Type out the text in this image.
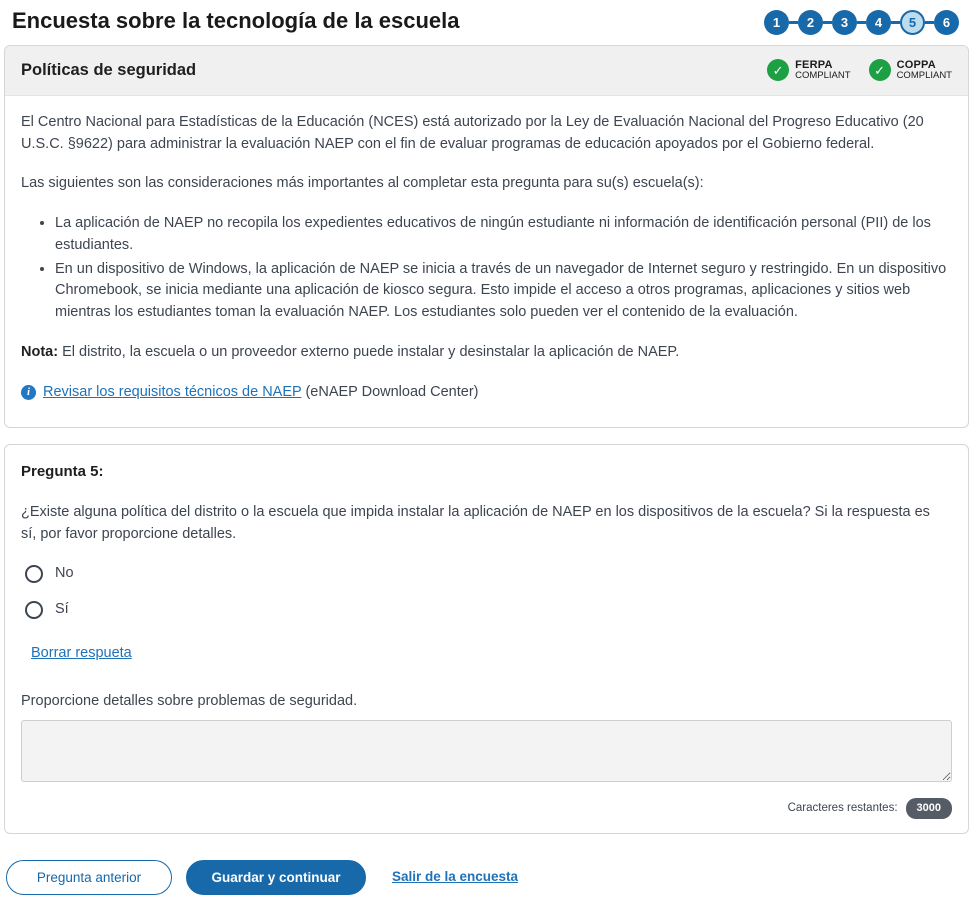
Encuesta sobre la tecnología de la escuela	1	2	3	4	5	6
Políticas de seguridad	✓	FERPA
COMPLIANT	✓	COPPA
COMPLIANT

El Centro Nacional para Estadísticas de la Educación (NCES) está autorizado por la Ley de Evaluación Nacional del Progreso Educativo (20 U.S.C. §9622) para administrar la evaluación NAEP con el fin de evaluar programas de educación apoyados por el Gobierno federal.

Las siguientes son las consideraciones más importantes al completar esta pregunta para su(s) escuela(s):

• La aplicación de NAEP no recopila los expedientes educativos de ningún estudiante ni información de identificación personal (PII) de los estudiantes.
• En un dispositivo de Windows, la aplicación de NAEP se inicia a través de un navegador de Internet seguro y restringido. En un dispositivo Chromebook, se inicia mediante una aplicación de kiosco segura. Esto impide el acceso a otros programas, aplicaciones y sitios web mientras los estudiantes toman la evaluación NAEP. Los estudiantes solo pueden ver el contenido de la evaluación.

Nota: El distrito, la escuela o un proveedor externo puede instalar y desinstalar la aplicación de NAEP.

i Revisar los requisitos técnicos de NAEP (eNAEP Download Center)
Pregunta 5:

¿Existe alguna política del distrito o la escuela que impida instalar la aplicación de NAEP en los dispositivos de la escuela? Si la respuesta es sí, por favor proporcione detalles.

No
Sí
Borrar respueta
Proporcione detalles sobre problemas de seguridad.
Caracteres restantes:	3000
Pregunta anterior	Guardar y continuar	Salir de la encuesta
